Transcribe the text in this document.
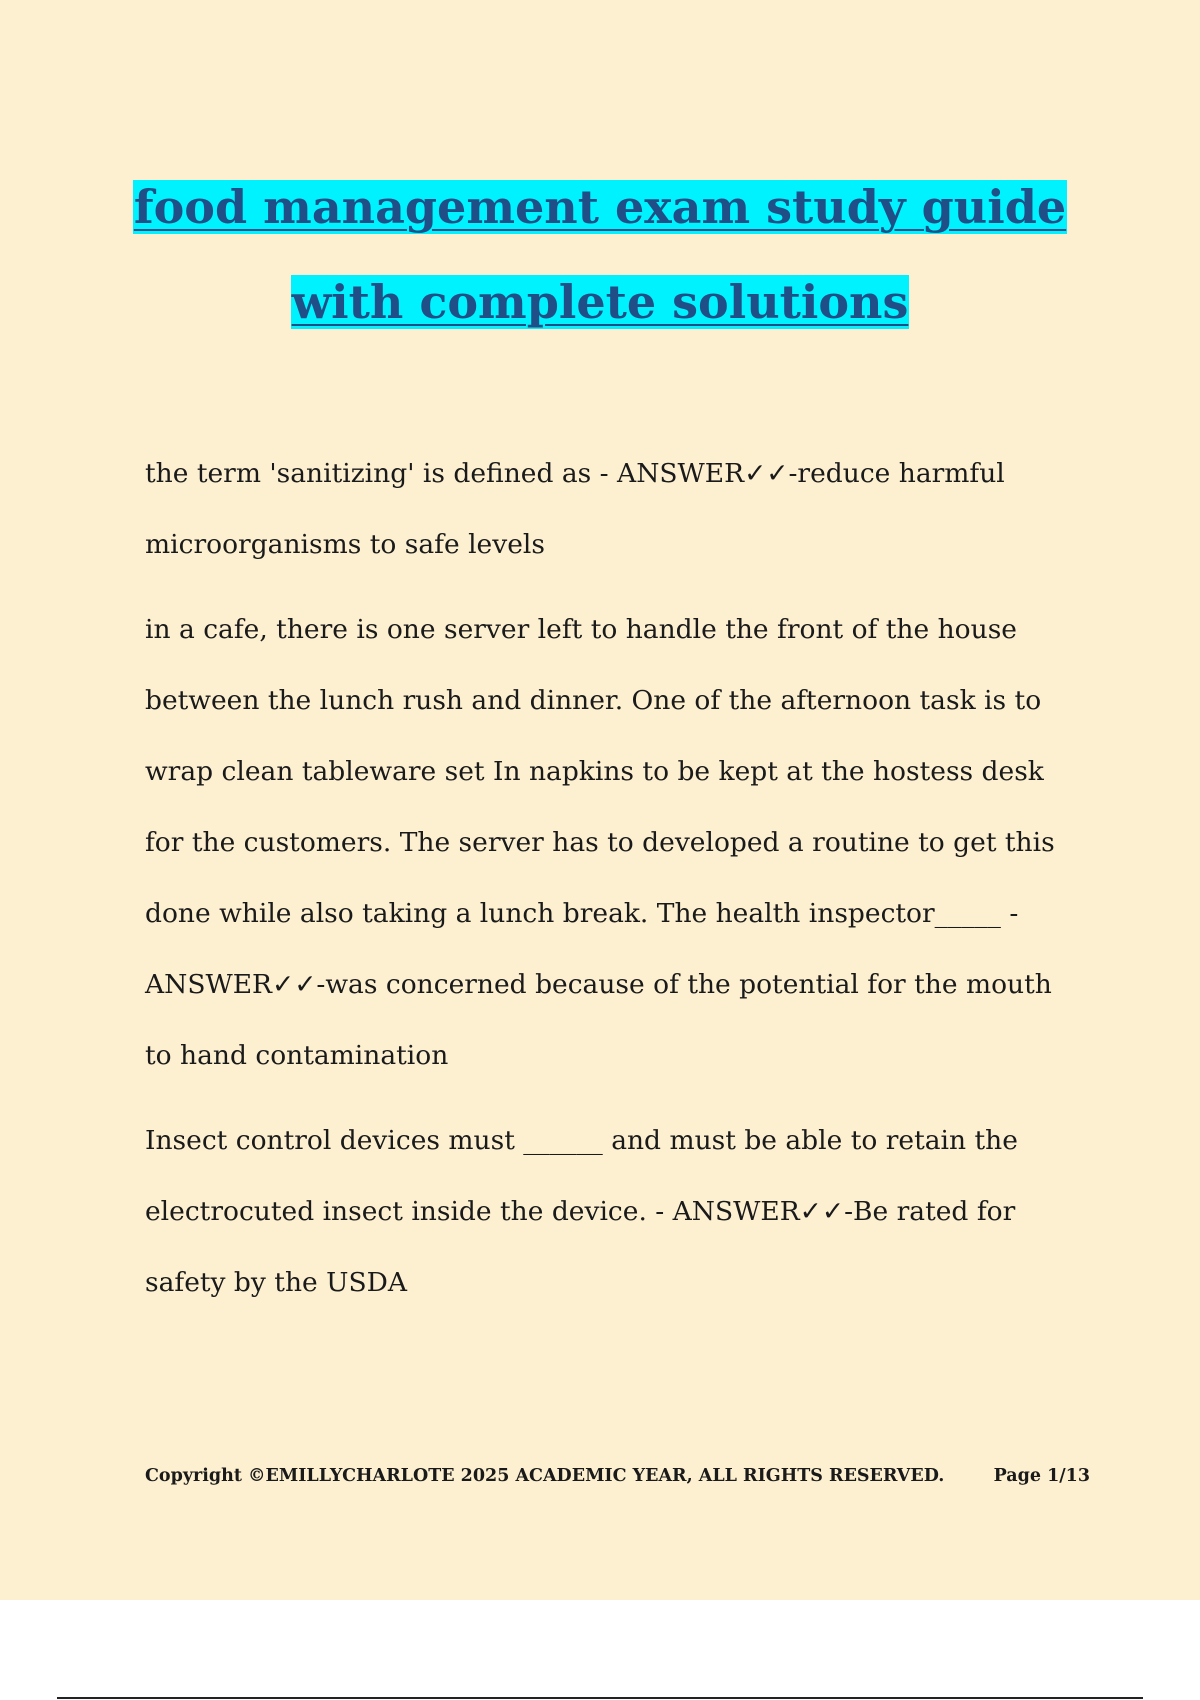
food management exam study guide
with complete solutions

the term 'sanitizing' is defined as - ANSWER✓✓-reduce harmful microorganisms to safe levels

in a cafe, there is one server left to handle the front of the house between the lunch rush and dinner. One of the afternoon task is to wrap clean tableware set In napkins to be kept at the hostess desk for the customers. The server has to developed a routine to get this done while also taking a lunch break. The health inspector_____ - ANSWER✓✓-was concerned because of the potential for the mouth to hand contamination

Insect control devices must ______ and must be able to retain the electrocuted insect inside the device. - ANSWER✓✓-Be rated for safety by the USDA

Copyright ©EMILLYCHARLOTE 2025 ACADEMIC YEAR, ALL RIGHTS RESERVED.	Page 1/13
